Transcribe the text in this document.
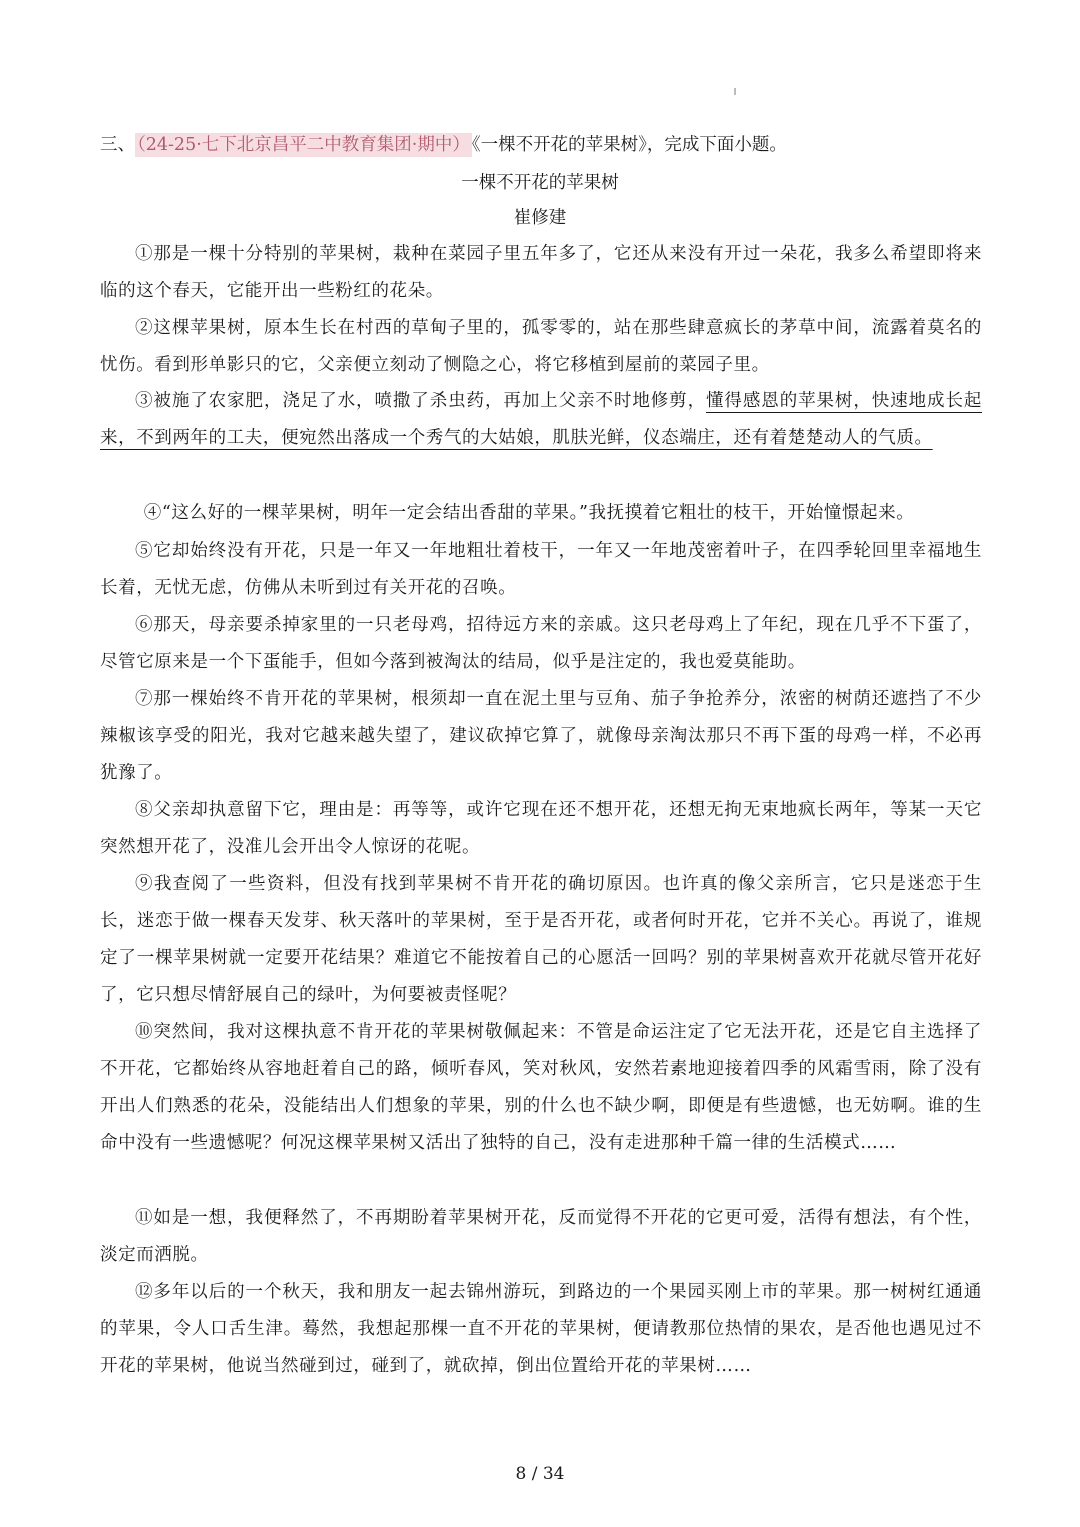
三、 （24-25·七下北京昌平二中教育集团·期中） 《一棵不开花的苹果树》，完成下面小题。
一棵不开花的苹果树
崔修建

①那是一棵十分特别的苹果树，栽种在菜园子里五年多了，它还从来没有开过一朵花，我多么希望即将来临的这个春天，它能开出一些粉红的花朵。

②这棵苹果树，原本生长在村西的草甸子里的，孤零零的，站在那些肆意疯长的茅草中间，流露着莫名的忧伤。看到形单影只的它，父亲便立刻动了恻隐之心，将它移植到屋前的菜园子里。

③被施了农家肥，浇足了水，喷撒了杀虫药，再加上父亲不时地修剪，懂得感恩的苹果树，快速地成长起来，不到两年的工夫，便宛然出落成一个秀气的大姑娘，肌肤光鲜，仪态端庄，还有着楚楚动人的气质。

④“这么好的一棵苹果树，明年一定会结出香甜的苹果。”我抚摸着它粗壮的枝干，开始憧憬起来。

⑤它却始终没有开花，只是一年又一年地粗壮着枝干，一年又一年地茂密着叶子，在四季轮回里幸福地生长着，无忧无虑，仿佛从未听到过有关开花的召唤。

⑥那天，母亲要杀掉家里的一只老母鸡，招待远方来的亲戚。这只老母鸡上了年纪，现在几乎不下蛋了，尽管它原来是一个下蛋能手，但如今落到被淘汰的结局，似乎是注定的，我也爱莫能助。

⑦那一棵始终不肯开花的苹果树，根须却一直在泥土里与豆角、茄子争抢养分，浓密的树荫还遮挡了不少辣椒该享受的阳光，我对它越来越失望了，建议砍掉它算了，就像母亲淘汰那只不再下蛋的母鸡一样，不必再犹豫了。

⑧父亲却执意留下它，理由是：再等等，或许它现在还不想开花，还想无拘无束地疯长两年，等某一天它突然想开花了，没准儿会开出令人惊讶的花呢。

⑨我查阅了一些资料，但没有找到苹果树不肯开花的确切原因。也许真的像父亲所言，它只是迷恋于生长，迷恋于做一棵春天发芽、秋天落叶的苹果树，至于是否开花，或者何时开花，它并不关心。再说了，谁规定了一棵苹果树就一定要开花结果？难道它不能按着自己的心愿活一回吗？别的苹果树喜欢开花就尽管开花好了，它只想尽情舒展自己的绿叶，为何要被责怪呢？

⑩突然间，我对这棵执意不肯开花的苹果树敬佩起来：不管是命运注定了它无法开花，还是它自主选择了不开花，它都始终从容地赶着自己的路，倾听春风，笑对秋风，安然若素地迎接着四季的风霜雪雨，除了没有开出人们熟悉的花朵，没能结出人们想象的苹果，别的什么也不缺少啊，即便是有些遗憾，也无妨啊。谁的生命中没有一些遗憾呢？何况这棵苹果树又活出了独特的自己，没有走进那种千篇一律的生活模式……

⑪如是一想，我便释然了，不再期盼着苹果树开花，反而觉得不开花的它更可爱，活得有想法，有个性，淡定而洒脱。

⑫多年以后的一个秋天，我和朋友一起去锦州游玩，到路边的一个果园买刚上市的苹果。那一树树红通通的苹果，令人口舌生津。蓦然，我想起那棵一直不开花的苹果树，便请教那位热情的果农，是否他也遇见过不开花的苹果树，他说当然碰到过，碰到了，就砍掉，倒出位置给开花的苹果树……

8 / 34
